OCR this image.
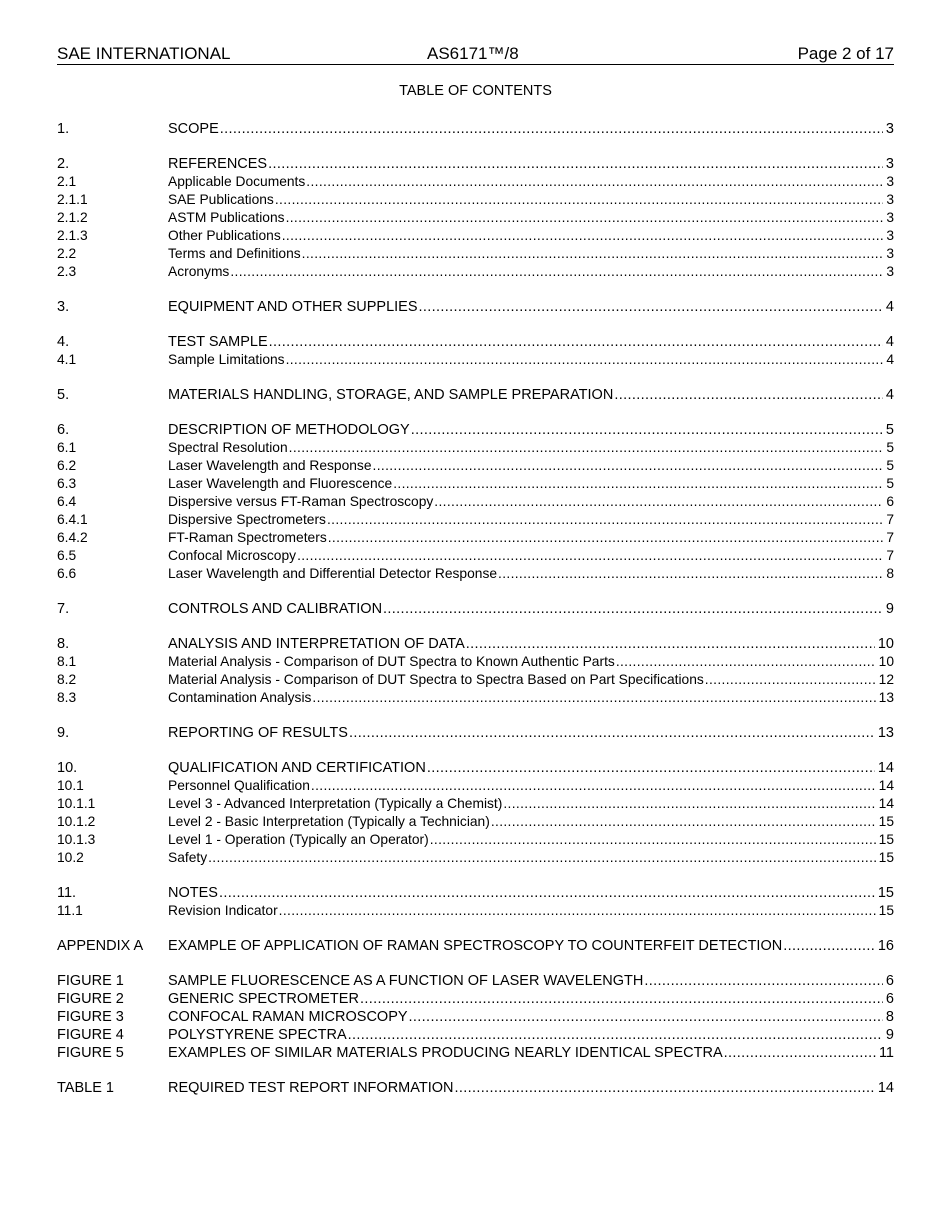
SAE INTERNATIONAL	AS6171™/8	Page 2 of 17
TABLE OF CONTENTS
1.	SCOPE .....	3
2.	REFERENCES .....	3
2.1	Applicable Documents .....	3
2.1.1	SAE Publications .....	3
2.1.2	ASTM Publications .....	3
2.1.3	Other Publications .....	3
2.2	Terms and Definitions .....	3
2.3	Acronyms .....	3
3.	EQUIPMENT AND OTHER SUPPLIES .....	4
4.	TEST SAMPLE .....	4
4.1	Sample Limitations .....	4
5.	MATERIALS HANDLING, STORAGE, AND SAMPLE PREPARATION .....	4
6.	DESCRIPTION OF METHODOLOGY .....	5
6.1	Spectral Resolution .....	5
6.2	Laser Wavelength and Response .....	5
6.3	Laser Wavelength and Fluorescence .....	5
6.4	Dispersive versus FT-Raman Spectroscopy .....	6
6.4.1	Dispersive Spectrometers .....	7
6.4.2	FT-Raman Spectrometers .....	7
6.5	Confocal Microscopy .....	7
6.6	Laser Wavelength and Differential Detector Response .....	8
7.	CONTROLS AND CALIBRATION .....	9
8.	ANALYSIS AND INTERPRETATION OF DATA .....	10
8.1	Material Analysis - Comparison of DUT Spectra to Known Authentic Parts .....	10
8.2	Material Analysis - Comparison of DUT Spectra to Spectra Based on Part Specifications .....	12
8.3	Contamination Analysis .....	13
9.	REPORTING OF RESULTS .....	13
10.	QUALIFICATION AND CERTIFICATION .....	14
10.1	Personnel Qualification .....	14
10.1.1	Level 3 - Advanced Interpretation (Typically a Chemist) .....	14
10.1.2	Level 2 - Basic Interpretation (Typically a Technician) .....	15
10.1.3	Level 1 - Operation (Typically an Operator) .....	15
10.2	Safety .....	15
11.	NOTES .....	15
11.1	Revision Indicator .....	15
APPENDIX A	EXAMPLE OF APPLICATION OF RAMAN SPECTROSCOPY TO COUNTERFEIT DETECTION .....	16
FIGURE 1	SAMPLE FLUORESCENCE AS A FUNCTION OF LASER WAVELENGTH .....	6
FIGURE 2	GENERIC SPECTROMETER .....	6
FIGURE 3	CONFOCAL RAMAN MICROSCOPY .....	8
FIGURE 4	POLYSTYRENE SPECTRA .....	9
FIGURE 5	EXAMPLES OF SIMILAR MATERIALS PRODUCING NEARLY IDENTICAL SPECTRA .....	11
TABLE 1	REQUIRED TEST REPORT INFORMATION .....	14
